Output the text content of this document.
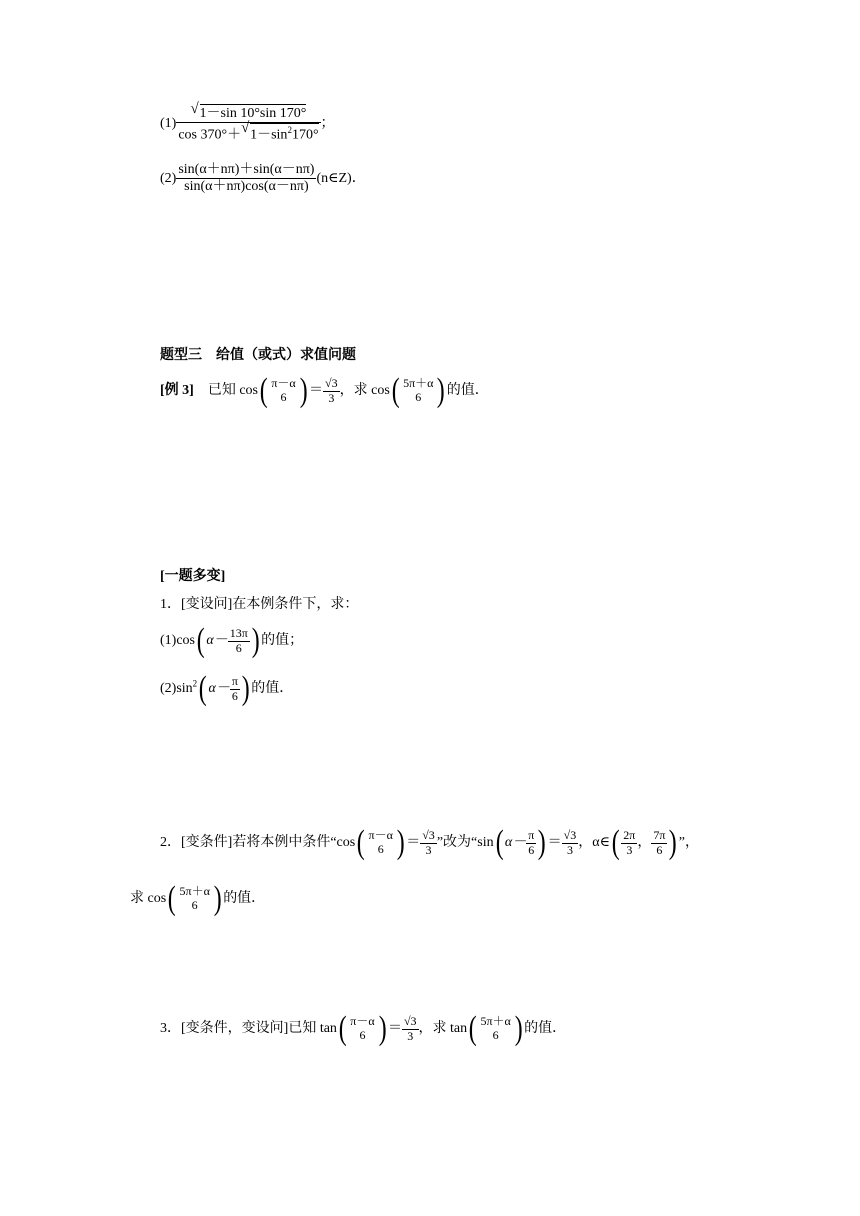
$(1) \frac{√ 1-\sin 10^\circ\sin 170^\circ}{\cos 370^\circ+ √ 1-\sin^2170^\circ}$ ；
$(2) \frac{\sin(\alpha+n\pi)+\sin(\alpha-n\pi)}{\sin(\alpha+n\pi)\cos(\alpha-n\pi)}$ (n∈Z)．
题型三　给值（或式）求值问题
[例 3] 已知 cos( π－α
6 ) ＝ $\frac{√3}{3}$ ，求 cos( 5π＋α
6 ) 的值．
[一题多变]
1．[变设问]在本例条件下，求：
(1)cos( $\alpha- \frac{13\pi}{6}$ ) 的值；
$(2)\sin^2$( $\alpha- \frac{\pi}{6}$ ) 的值．
2．[变条件]若将本例中条件“cos( π－α
6 ) ＝ $\frac{√3}{3}$ ”改为“sin( $\alpha- \frac{\pi}{6}$ ) ＝ $\frac{√3}{3}$ ，α∈( $\frac{2\pi}{3}$ ， $\frac{7\pi}{6}$ ) ”，
求 cos( 5π＋α
6 ) 的值．
3．[变条件，变设问]已知 tan( π－α
6 ) ＝ $\frac{√3}{3}$ ，求 tan( 5π＋α
6 ) 的值．
